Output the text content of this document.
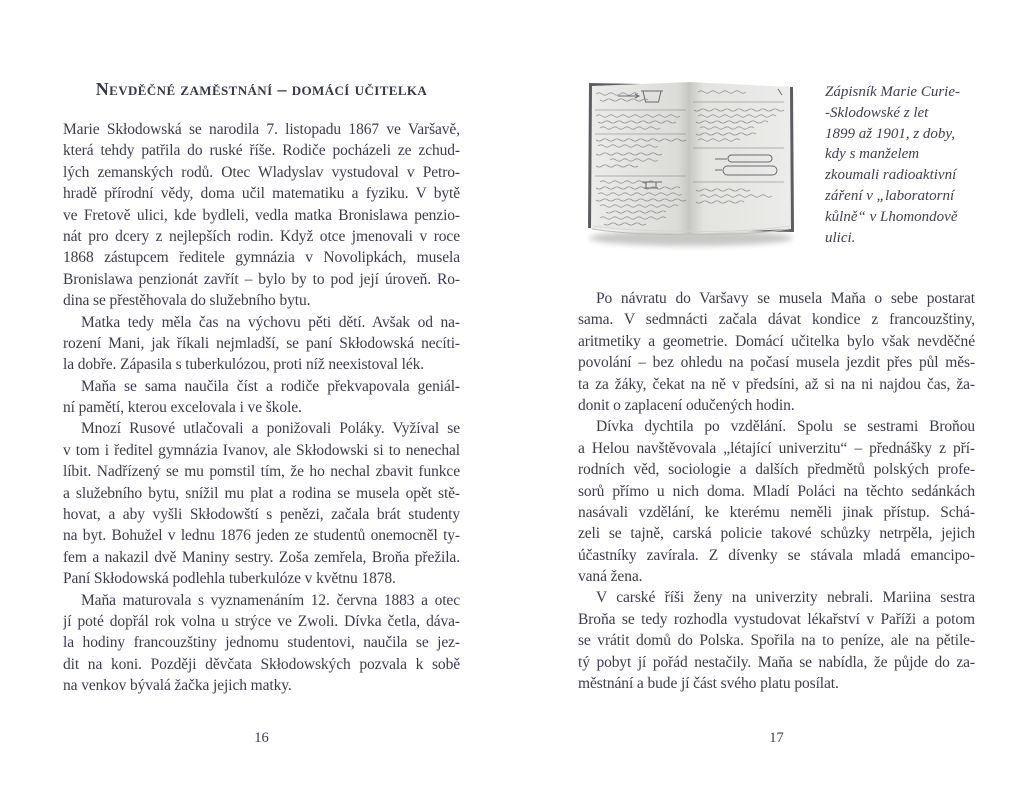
Nevděčné zaměstnání – domácí učitelka
Marie Skłodowská se narodila 7. listopadu 1867 ve Varšavě,
která tehdy patřila do ruské říše. Rodiče pocházeli ze zchud-
lých zemanských rodů. Otec Wladyslav vystudoval v Petro-
hradě přírodní vědy, doma učil matematiku a fyziku. V bytě
ve Fretově ulici, kde bydleli, vedla matka Bronislawa penzio-
nát pro dcery z nejlepších rodin. Když otce jmenovali v roce
1868 zástupcem ředitele gymnázia v Novolipkách, musela
Bronislawa penzionát zavřít – bylo by to pod její úroveň. Ro-
dina se přestěhovala do služebního bytu.
Matka tedy měla čas na výchovu pěti dětí. Avšak od na-
rození Mani, jak říkali nejmladší, se paní Skłodowská necíti-
la dobře. Zápasila s tuberkulózou, proti níž neexistoval lék.
Maňa se sama naučila číst a rodiče překvapovala geniál-
ní pamětí, kterou excelovala i ve škole.
Mnozí Rusové utlačovali a ponižovali Poláky. Vyžíval se
v tom i ředitel gymnázia Ivanov, ale Skłodowski si to nenechal
líbit. Nadřízený se mu pomstil tím, že ho nechal zbavit funkce
a služebního bytu, snížil mu plat a rodina se musela opět stě-
hovat, a aby vyšli Skłodowští s penězi, začala brát studenty
na byt. Bohužel v lednu 1876 jeden ze studentů onemocněl ty-
fem a nakazil dvě Maniny sestry. Zoša zemřela, Broňa přežila.
Paní Skłodowská podlehla tuberkulóze v květnu 1878.
Maňa maturovala s vyznamenáním 12. června 1883 a otec
jí poté dopřál rok volna u strýce ve Zwoli. Dívka četla, dáva-
la hodiny francouzštiny jednomu studentovi, naučila se jez-
dit na koni. Později děvčata Skłodowských pozvala k sobě
na venkov bývalá žačka jejich matky.
Zápisník Marie Curie-
-Sklodowské z let
1899 až 1901, z doby,
kdy s manželem
zkoumali radioaktivní
záření v „laboratorní
kůlně“ v Lhomondově
ulici.
Po návratu do Varšavy se musela Maňa o sebe postarat
sama. V sedmnácti začala dávat kondice z francouzštiny,
aritmetiky a geometrie. Domácí učitelka bylo však nevděčné
povolání – bez ohledu na počasí musela jezdit přes půl měs-
ta za žáky, čekat na ně v předsíni, až si na ni najdou čas, ža-
donit o zaplacení odučených hodin.
Dívka dychtila po vzdělání. Spolu se sestrami Broňou
a Helou navštěvovala „létající univerzitu“ – přednášky z pří-
rodních věd, sociologie a dalších předmětů polských profe-
sorů přímo u nich doma. Mladí Poláci na těchto sedánkách
nasávali vzdělání, ke kterému neměli jinak přístup. Schá-
zeli se tajně, carská policie takové schůzky netrpěla, jejich
účastníky zavírala. Z dívenky se stávala mladá emancipo-
vaná žena.
V carské říši ženy na univerzity nebrali. Mariina sestra
Broňa se tedy rozhodla vystudovat lékařství v Paříži a potom
se vrátit domů do Polska. Spořila na to peníze, ale na pětile-
tý pobyt jí pořád nestačily. Maňa se nabídla, že půjde do za-
městnání a bude jí část svého platu posílat.
16	17
